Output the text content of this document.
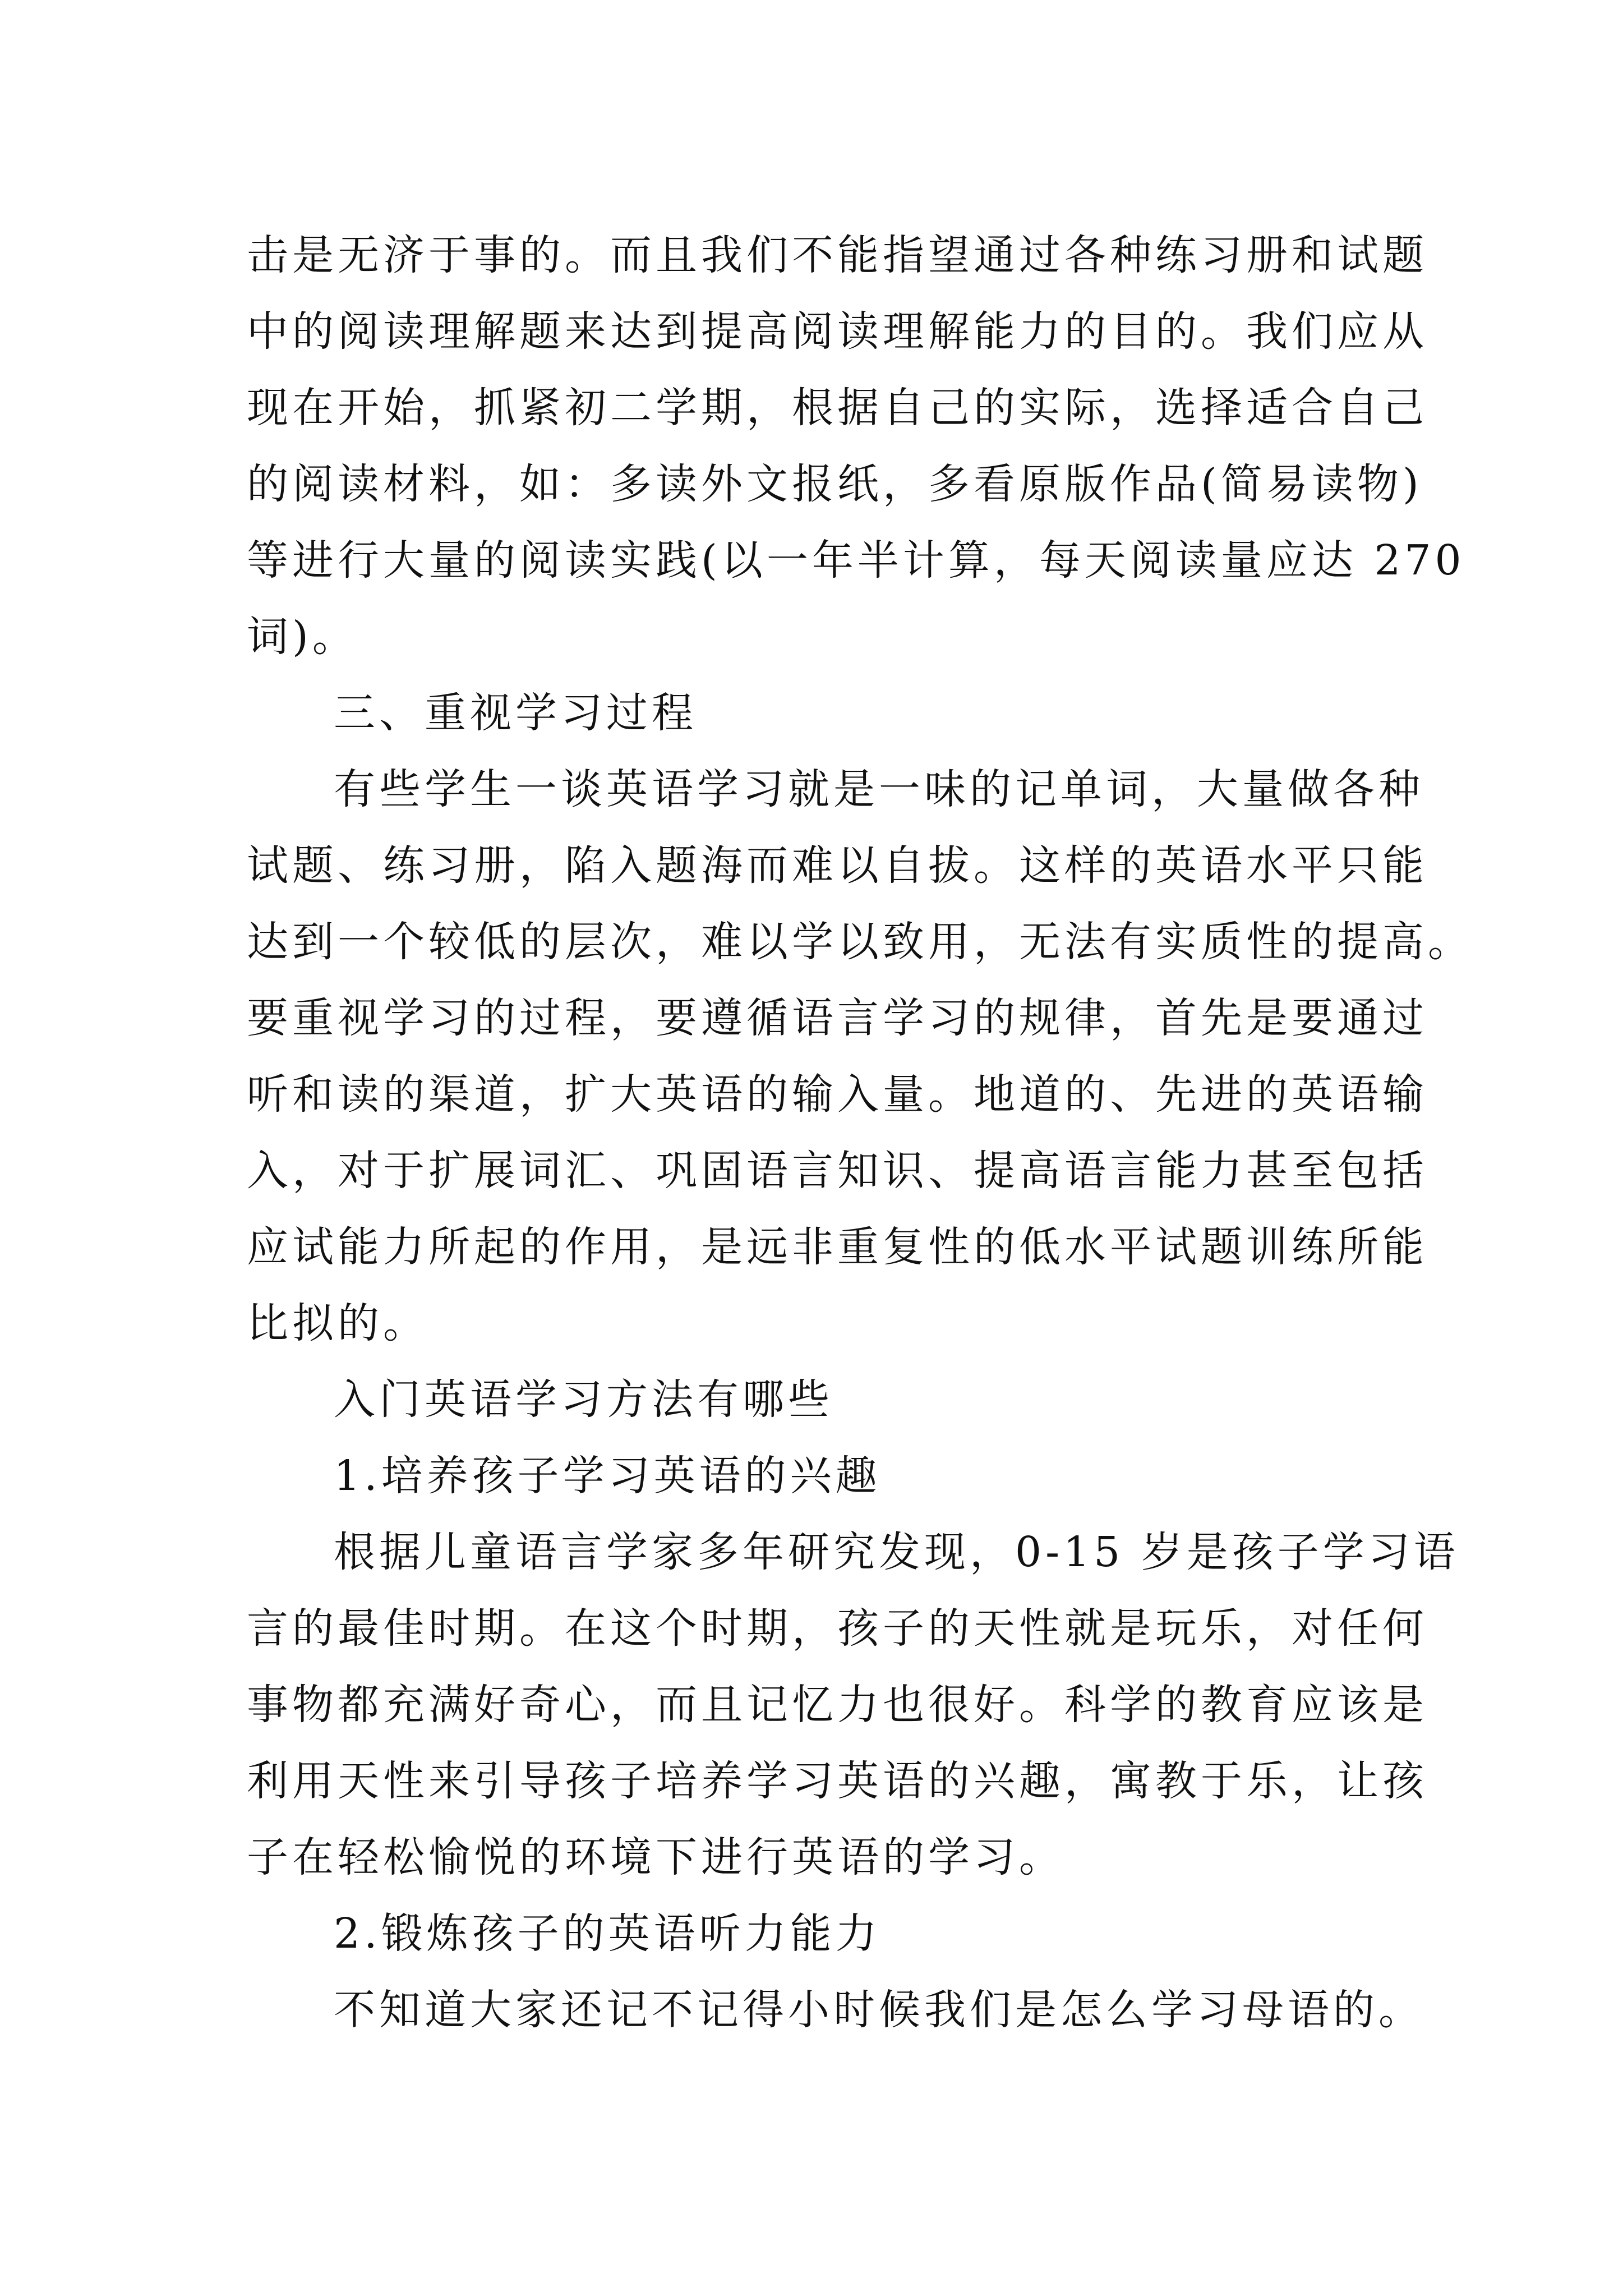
击是无济于事的。而且我们不能指望通过各种练习册和试题
中的阅读理解题来达到提高阅读理解能力的目的。我们应从
现在开始，抓紧初二学期，根据自己的实际，选择适合自己
的阅读材料，如：多读外文报纸，多看原版作品(简易读物)
等进行大量的阅读实践(以一年半计算，每天阅读量应达 270
词)。
三、重视学习过程
有些学生一谈英语学习就是一味的记单词，大量做各种
试题、练习册，陷入题海而难以自拔。这样的英语水平只能
达到一个较低的层次，难以学以致用，无法有实质性的提高。
要重视学习的过程，要遵循语言学习的规律，首先是要通过
听和读的渠道，扩大英语的输入量。地道的、先进的英语输
入，对于扩展词汇、巩固语言知识、提高语言能力甚至包括
应试能力所起的作用，是远非重复性的低水平试题训练所能
比拟的。
入门英语学习方法有哪些
1.培养孩子学习英语的兴趣
根据儿童语言学家多年研究发现，0-15 岁是孩子学习语
言的最佳时期。在这个时期，孩子的天性就是玩乐，对任何
事物都充满好奇心，而且记忆力也很好。科学的教育应该是
利用天性来引导孩子培养学习英语的兴趣，寓教于乐，让孩
子在轻松愉悦的环境下进行英语的学习。
2.锻炼孩子的英语听力能力
不知道大家还记不记得小时候我们是怎么学习母语的。
